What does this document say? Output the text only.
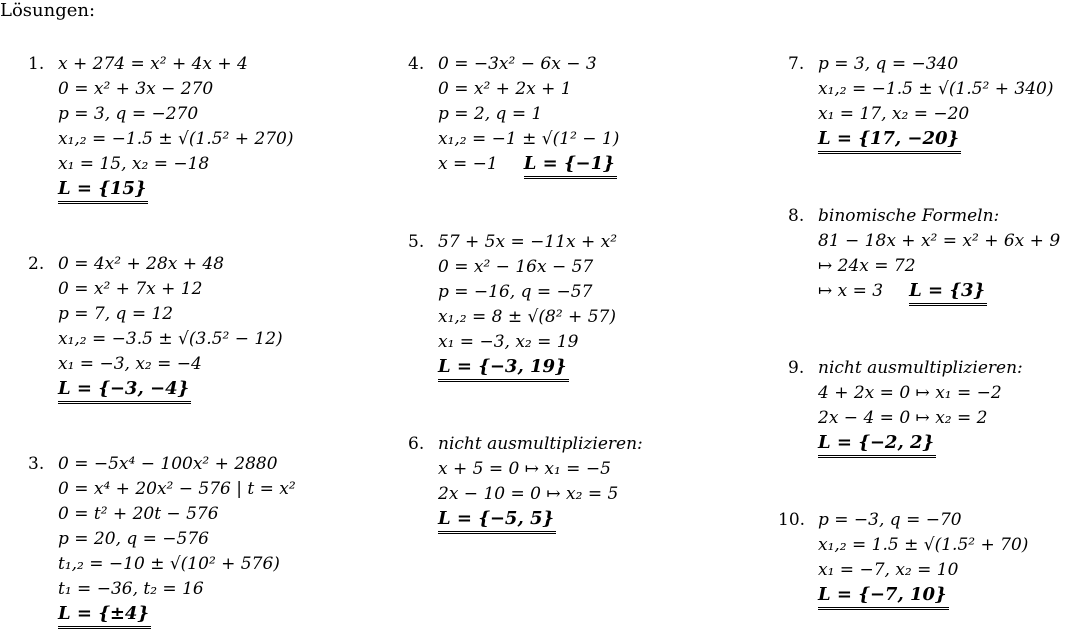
Lösungen:
1. x + 274 = x² + 4x + 4
0 = x² + 3x − 270
p = 3, q = −270
x₁,₂ = −1.5 ± √(1.5² + 270)
x₁ = 15, x₂ = −18
L = {15}
2. 0 = 4x² + 28x + 48
0 = x² + 7x + 12
p = 7, q = 12
x₁,₂ = −3.5 ± √(3.5² − 12)
x₁ = −3, x₂ = −4
L = {−3, −4}
3. 0 = −5x⁴ − 100x² + 2880
0 = x⁴ + 20x² − 576 | t = x²
0 = t² + 20t − 576
p = 20, q = −576
t₁,₂ = −10 ± √(10² + 576)
t₁ = −36, t₂ = 16
L = {±4}
4. 0 = −3x² − 6x − 3
0 = x² + 2x + 1
p = 2, q = 1
x₁,₂ = −1 ± √(1² − 1)
x = −1 L = {−1}
5. 57 + 5x = −11x + x²
0 = x² − 16x − 57
p = −16, q = −57
x₁,₂ = 8 ± √(8² + 57)
x₁ = −3, x₂ = 19
L = {−3, 19}
6. nicht ausmultiplizieren:
x + 5 = 0 ↦ x₁ = −5
2x − 10 = 0 ↦ x₂ = 5
L = {−5, 5}
7. p = 3, q = −340
x₁,₂ = −1.5 ± √(1.5² + 340)
x₁ = 17, x₂ = −20
L = {17, −20}
8. binomische Formeln:
81 − 18x + x² = x² + 6x + 9
↦ 24x = 72
↦ x = 3 L = {3}
9. nicht ausmultiplizieren:
4 + 2x = 0 ↦ x₁ = −2
2x − 4 = 0 ↦ x₂ = 2
L = {−2, 2}
10. p = −3, q = −70
x₁,₂ = 1.5 ± √(1.5² + 70)
x₁ = −7, x₂ = 10
L = {−7, 10}
